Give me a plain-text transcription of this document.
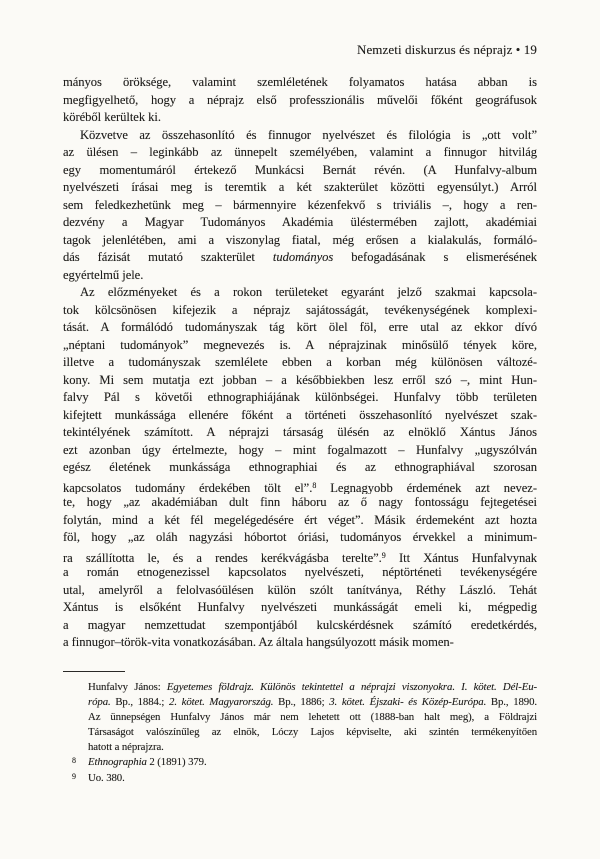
Nemzeti diskurzus és néprajz • 19
mányos öröksége, valamint szemléletének folyamatos hatása abban is
megfigyelhető, hogy a néprajz első professzionális művelői főként geográfusok
köréből kerültek ki.
Közvetve az összehasonlító és finnugor nyelvészet és filológia is „ott volt”
az ülésen – leginkább az ünnepelt személyében, valamint a finnugor hitvilág
egy momentumáról értekező Munkácsi Bernát révén. (A Hunfalvy-album
nyelvészeti írásai meg is teremtik a két szakterület közötti egyensúlyt.) Arról
sem feledkezhetünk meg – bármennyire kézenfekvő s triviális –, hogy a ren-
dezvény a Magyar Tudományos Akadémia üléstermében zajlott, akadémiai
tagok jelenlétében, ami a viszonylag fiatal, még erősen a kialakulás, formáló-
dás fázisát mutató szakterület tudományos befogadásának s elismerésének
egyértelmű jele.
Az előzményeket és a rokon területeket egyaránt jelző szakmai kapcsola-
tok kölcsönösen kifejezik a néprajz sajátosságát, tevékenységének komplexi-
tását. A formálódó tudományszak tág kört ölel föl, erre utal az ekkor dívó
„néptani tudományok” megnevezés is. A néprajzinak minősülő tények köre,
illetve a tudományszak szemlélete ebben a korban még különösen változé-
kony. Mi sem mutatja ezt jobban – a későbbiekben lesz erről szó –, mint Hun-
falvy Pál s követői ethnographiájának különbségei. Hunfalvy több területen
kifejtett munkássága ellenére főként a történeti összehasonlító nyelvészet szak-
tekintélyének számított. A néprajzi társaság ülésén az elnöklő Xántus János
ezt azonban úgy értelmezte, hogy – mint fogalmazott – Hunfalvy „ugyszólván
egész életének munkássága ethnographiai és az ethnographiával szorosan
kapcsolatos tudomány érdekében tölt el”.$^8$ Legnagyobb érdemének azt nevez-
te, hogy „az akadémiában dult finn háboru az ő nagy fontosságu fejtegetései
folytán, mind a két fél megelégedésére ért véget”. Másik érdemeként azt hozta
föl, hogy „az oláh nagyzási hóbortot óriási, tudományos érvekkel a minimum-
ra szállította le, és a rendes kerékvágásba terelte”.$^9$ Itt Xántus Hunfalvynak
a román etnogenezissel kapcsolatos nyelvészeti, néptörténeti tevékenységére
utal, amelyről a felolvasóülésen külön szólt tanítványa, Réthy László. Tehát
Xántus is elsőként Hunfalvy nyelvészeti munkásságát emeli ki, mégpedig
a magyar nemzettudat szempontjából kulcskérdésnek számító eredetkérdés,
a finnugor–török-vita vonatkozásában. Az általa hangsúlyozott másik momen-
Hunfalvy János: Egyetemes földrajz. Különös tekintettel a néprajzi viszonyokra. I. kötet. Dél-Eu-
rópa. Bp., 1884.; 2. kötet. Magyarország. Bp., 1886; 3. kötet. Éjszaki- és Közép-Európa. Bp., 1890.
Az ünnepségen Hunfalvy János már nem lehetett ott (1888-ban halt meg), a Földrajzi
Társaságot valószínűleg az elnök, Lóczy Lajos képviselte, aki szintén termékenyítően
hatott a néprajzra.
8	Ethnographia 2 (1891) 379.
9	Uo. 380.
